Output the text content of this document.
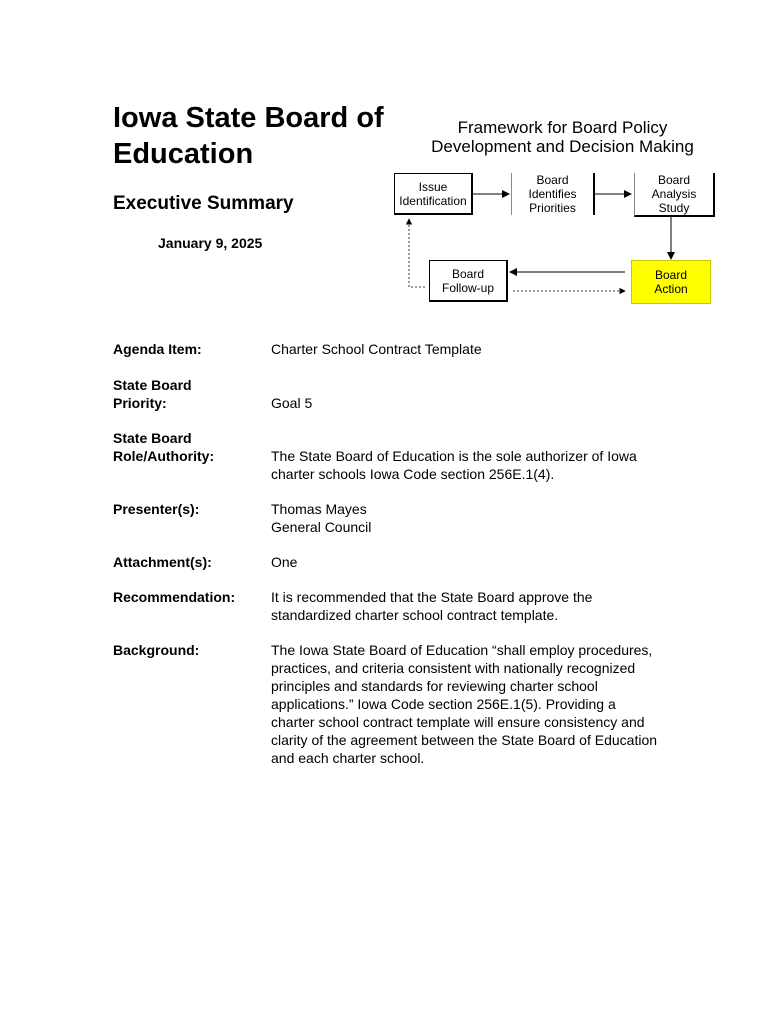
Iowa State Board of Education
Executive Summary
January 9, 2025
Framework for Board Policy Development and Decision Making
Issue
Identification
Board
Identifies
Priorities
Board
Analysis
Study
Board
Action
Board
Follow-up
Agenda Item:	Charter School Contract Template
State Board
Priority:	Goal 5
State Board
Role/Authority:	The State Board of Education is the sole authorizer of Iowa charter schools Iowa Code section 256E.1(4).
Presenter(s):	Thomas Mayes
General Council
Attachment(s):	One
Recommendation:	It is recommended that the State Board approve the standardized charter school contract template.
Background:	The Iowa State Board of Education “shall employ procedures, practices, and criteria consistent with nationally recognized principles and standards for reviewing charter school applications.” Iowa Code section 256E.1(5). Providing a charter school contract template will ensure consistency and clarity of the agreement between the State Board of Education and each charter school.
